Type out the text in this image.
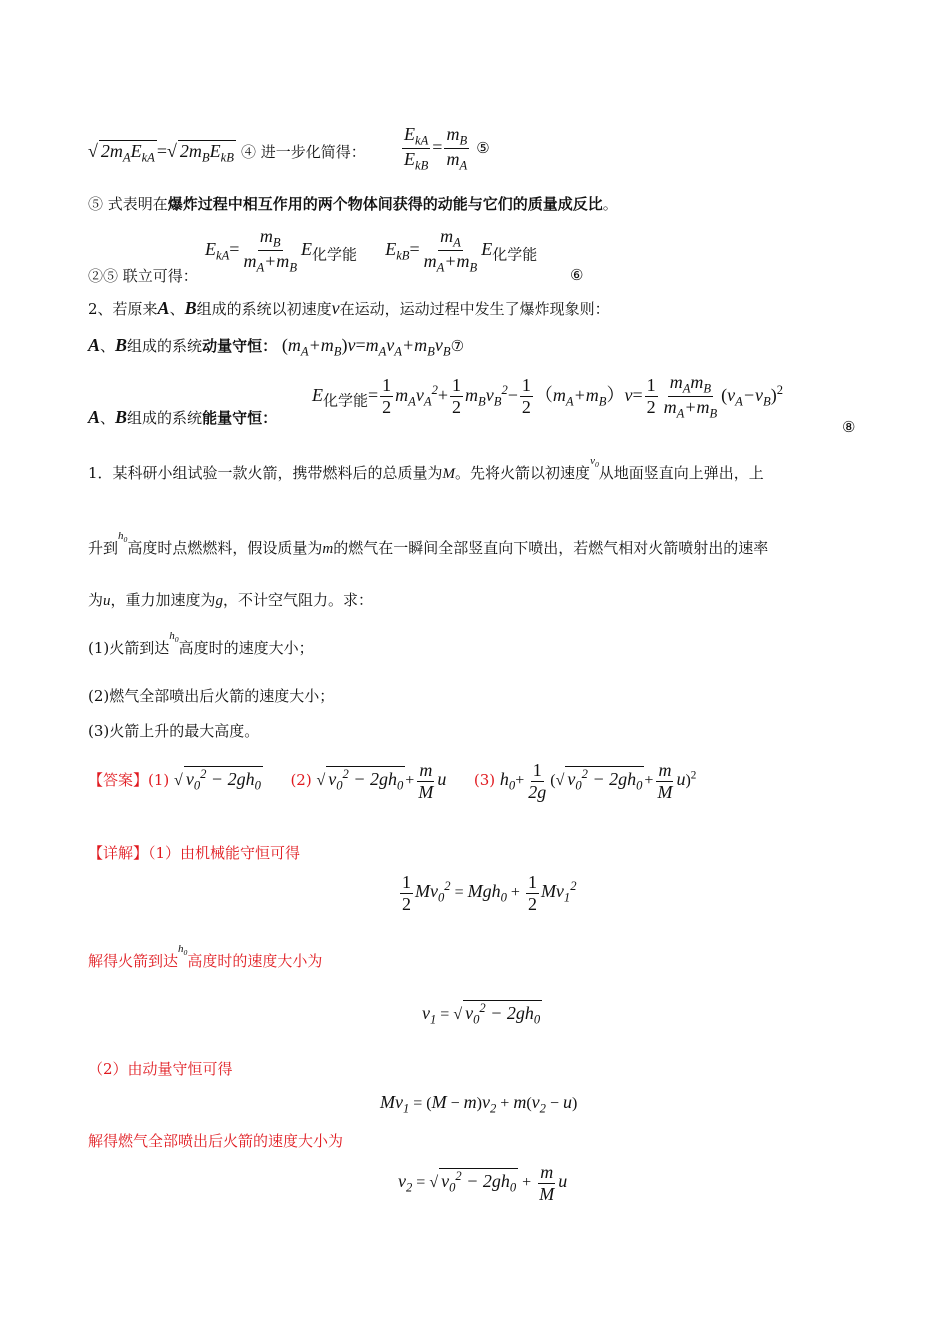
√ $2m_AE_{kA}$ =√ $2m_BE_{kB}$ ④ 进一步化简得： $\frac{E_{kA}}{E_{kB}} = \frac{m_B}{m_A}$ ⑤
⑤ 式表明在爆炸过程中相互作用的两个物体间获得的动能与它们的质量成反比。
②⑤ 联立可得：
$E_{kA}= \frac{m_B}{m_A+m_B} E_{化学能}$ $E_{kB}= \frac{m_A}{m_A+m_B} E_{化学能}$
⑥
2、若原来A、B组成的系统以初速度v在运动，运动过程中发生了爆炸现象则：
A、B组成的系统动量守恒： $(m_A+m_B)v=m_Av_A+m_Bv_B⑦$
A、B组成的系统能量守恒：
$E_{化学能}= \frac{1}{2} m_Av_A^2+ \frac{1}{2} m_Bv_B^2- \frac{1}{2} (m_A+m_B)v= \frac{1}{2} \frac{m_Am_B}{m_A+m_B} (v_A-v_B)^2$
⑧
1．某科研小组试验一款火箭，携带燃料后的总质量为M。先将火箭以初速度$^{v_0}$从地面竖直向上弹出，上
升到$^{h_0}$高度时点燃燃料，假设质量为m的燃气在一瞬间全部竖直向下喷出，若燃气相对火箭喷射出的速率
为u，重力加速度为g，不计空气阻力。求：
(1)火箭到达$^{h_0}$高度时的速度大小；
(2)燃气全部喷出后火箭的速度大小；
(3)火箭上升的最大高度。
【答案】(1) √ $v_0^2 - 2gh_0$ (2) √ $v_0^2 - 2gh_0 + \frac{m}{M}$ u (3) $h_0+ \frac{1}{2g}$ (√ $v_0^2 - 2gh_0 + \frac{m}{M} u)^2$
【详解】（1）由机械能守恒可得
$\frac{1}{2} Mv_0^2 = Mgh_0 + \frac{1}{2} Mv_1^2$
解得火箭到达$^{h_0}$高度时的速度大小为
$v_1$ = √ $v_0^2 - 2gh_0$
（2）由动量守恒可得
$Mv_1 = (M - m)v_2 + m(v_2 - u)$
解得燃气全部喷出后火箭的速度大小为
$v_2$ = √ $v_0^2 - 2gh_0 + \frac{m}{M}$ u
